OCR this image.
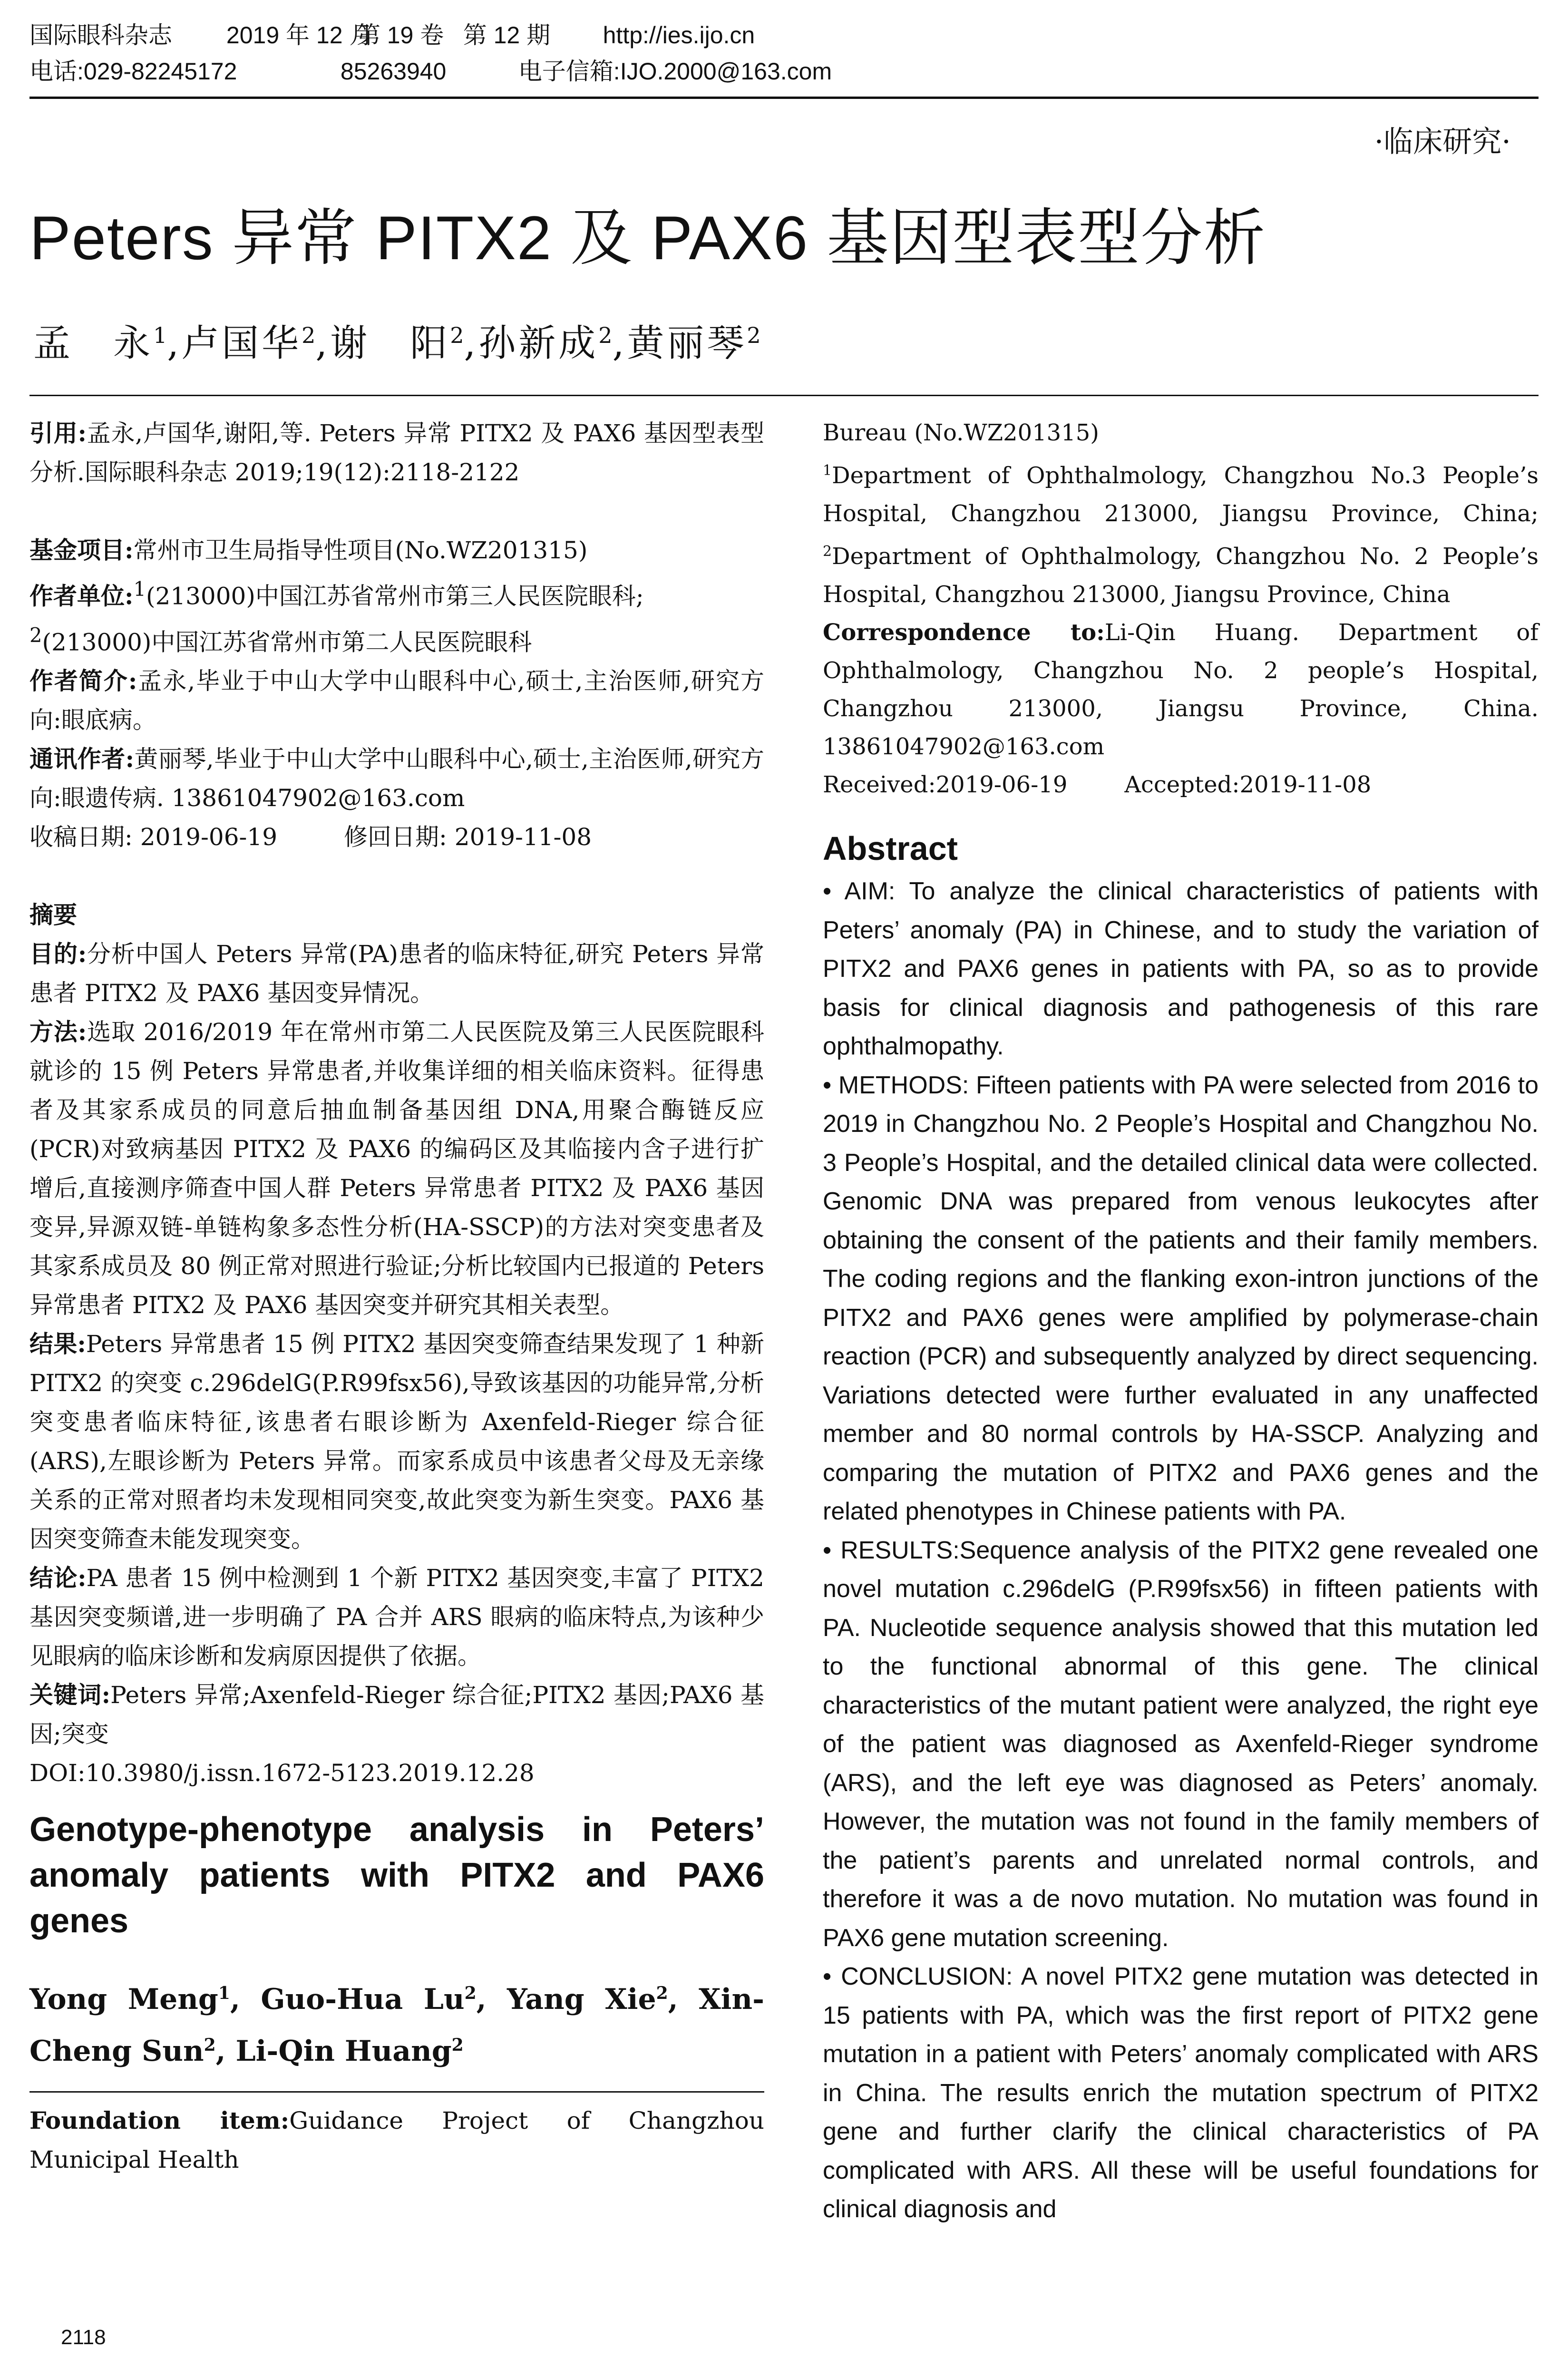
国际眼科杂志 2019 年 12 月 第 19 卷 第 12 期 http://ies.ijo.cn
电话:029-82245172	85263940	电子信箱:IJO.2000@163.com
·临床研究·
Peters 异常 PITX2 及 PAX6 基因型表型分析
孟　永$^1$,卢国华$^2$,谢　阳$^2$,孙新成$^2$,黄丽琴$^2$

引用:孟永,卢国华,谢阳,等. Peters 异常 PITX2 及 PAX6 基因型表型分析.国际眼科杂志 2019;19(12):2118-2122

基金项目:常州市卫生局指导性项目(No.WZ201315)

作者单位:$^1$(213000)中国江苏省常州市第三人民医院眼科;
$^2$(213000)中国江苏省常州市第二人民医院眼科

作者简介:孟永,毕业于中山大学中山眼科中心,硕士,主治医师,研究方向:眼底病。

通讯作者:黄丽琴,毕业于中山大学中山眼科中心,硕士,主治医师,研究方向:眼遗传病. 13861047902@163.com

收稿日期: 2019-06-19	修回日期: 2019-11-08

摘要

目的:分析中国人 Peters 异常(PA)患者的临床特征,研究 Peters 异常患者 PITX2 及 PAX6 基因变异情况。

方法:选取 2016/2019 年在常州市第二人民医院及第三人民医院眼科就诊的 15 例 Peters 异常患者,并收集详细的相关临床资料。征得患者及其家系成员的同意后抽血制备基因组 DNA,用聚合酶链反应(PCR)对致病基因 PITX2 及 PAX6 的编码区及其临接内含子进行扩增后,直接测序筛查中国人群 Peters 异常患者 PITX2 及 PAX6 基因变异,异源双链-单链构象多态性分析(HA-SSCP)的方法对突变患者及其家系成员及 80 例正常对照进行验证;分析比较国内已报道的 Peters 异常患者 PITX2 及 PAX6 基因突变并研究其相关表型。

结果:Peters 异常患者 15 例 PITX2 基因突变筛查结果发现了 1 种新 PITX2 的突变 c.296delG(P.R99fsx56),导致该基因的功能异常,分析突变患者临床特征,该患者右眼诊断为 Axenfeld-Rieger 综合征(ARS),左眼诊断为 Peters 异常。而家系成员中该患者父母及无亲缘关系的正常对照者均未发现相同突变,故此突变为新生突变。PAX6 基因突变筛查未能发现突变。

结论:PA 患者 15 例中检测到 1 个新 PITX2 基因突变,丰富了 PITX2 基因突变频谱,进一步明确了 PA 合并 ARS 眼病的临床特点,为该种少见眼病的临床诊断和发病原因提供了依据。

关键词:Peters 异常;Axenfeld-Rieger 综合征;PITX2 基因;PAX6 基因;突变

DOI:10.3980/j.issn.1672-5123.2019.12.28

Genotype-phenotype analysis in Peters’ anomaly patients with PITX2 and PAX6 genes
Yong Meng$^1$, Guo-Hua Lu$^2$, Yang Xie$^2$, Xin-Cheng Sun$^2$, Li-Qin Huang$^2$

Foundation item:Guidance Project of Changzhou Municipal Health

Bureau (No.WZ201315)

$^1$Department of Ophthalmology, Changzhou No.3 People’s Hospital, Changzhou 213000, Jiangsu Province, China; $^2$Department of Ophthalmology, Changzhou No. 2 People’s Hospital, Changzhou 213000, Jiangsu Province, China

Correspondence to:Li-Qin Huang. Department of Ophthalmology, Changzhou No. 2 people’s Hospital, Changzhou 213000, Jiangsu Province, China. 13861047902@163.com

Received:2019-06-19	Accepted:2019-11-08

Abstract

• AIM: To analyze the clinical characteristics of patients with Peters’ anomaly (PA) in Chinese, and to study the variation of PITX2 and PAX6 genes in patients with PA, so as to provide basis for clinical diagnosis and pathogenesis of this rare ophthalmopathy.

• METHODS: Fifteen patients with PA were selected from 2016 to 2019 in Changzhou No. 2 People’s Hospital and Changzhou No. 3 People’s Hospital, and the detailed clinical data were collected. Genomic DNA was prepared from venous leukocytes after obtaining the consent of the patients and their family members. The coding regions and the flanking exon-intron junctions of the PITX2 and PAX6 genes were amplified by polymerase-chain reaction (PCR) and subsequently analyzed by direct sequencing. Variations detected were further evaluated in any unaffected member and 80 normal controls by HA-SSCP. Analyzing and comparing the mutation of PITX2 and PAX6 genes and the related phenotypes in Chinese patients with PA.

• RESULTS:Sequence analysis of the PITX2 gene revealed one novel mutation c.296delG (P.R99fsx56) in fifteen patients with PA. Nucleotide sequence analysis showed that this mutation led to the functional abnormal of this gene. The clinical characteristics of the mutant patient were analyzed, the right eye of the patient was diagnosed as Axenfeld-Rieger syndrome (ARS), and the left eye was diagnosed as Peters’ anomaly. However, the mutation was not found in the family members of the patient’s parents and unrelated normal controls, and therefore it was a de novo mutation. No mutation was found in PAX6 gene mutation screening.

• CONCLUSION: A novel PITX2 gene mutation was detected in 15 patients with PA, which was the first report of PITX2 gene mutation in a patient with Peters’ anomaly complicated with ARS in China. The results enrich the mutation spectrum of PITX2 gene and further clarify the clinical characteristics of PA complicated with ARS. All these will be useful foundations for clinical diagnosis and

2118
